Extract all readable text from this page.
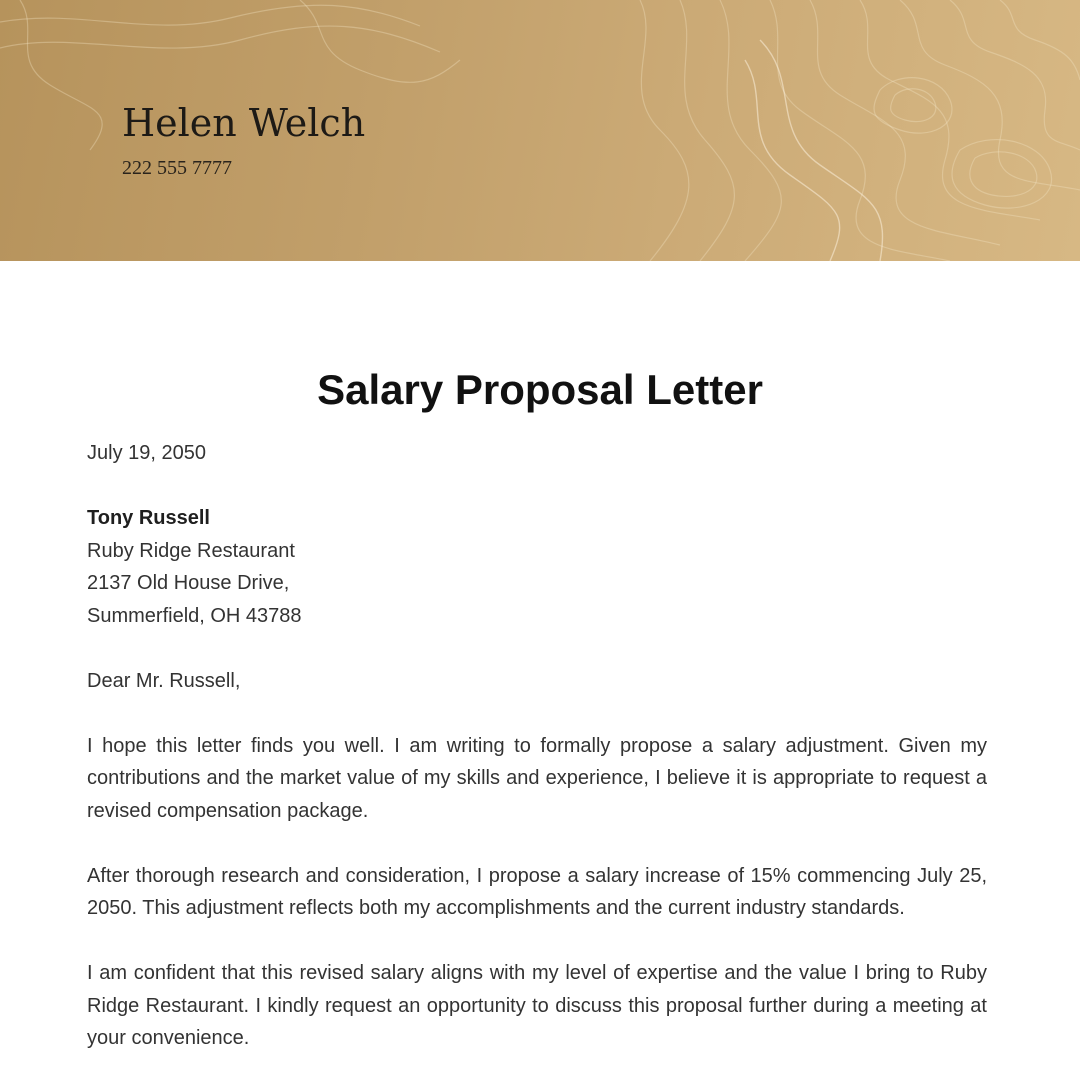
Helen Welch

222 555 7777

Salary Proposal Letter

July 19, 2050

Tony Russell
Ruby Ridge Restaurant
2137 Old House Drive,
Summerfield, OH 43788

Dear Mr. Russell,

I hope this letter finds you well. I am writing to formally propose a salary adjustment. Given my contributions and the market value of my skills and experience, I believe it is appropriate to request a revised compensation package.

After thorough research and consideration, I propose a salary increase of 15% commencing July 25, 2050. This adjustment reflects both my accomplishments and the current industry standards.

I am confident that this revised salary aligns with my level of expertise and the value I bring to Ruby Ridge Restaurant. I kindly request an opportunity to discuss this proposal further during a meeting at your convenience.
